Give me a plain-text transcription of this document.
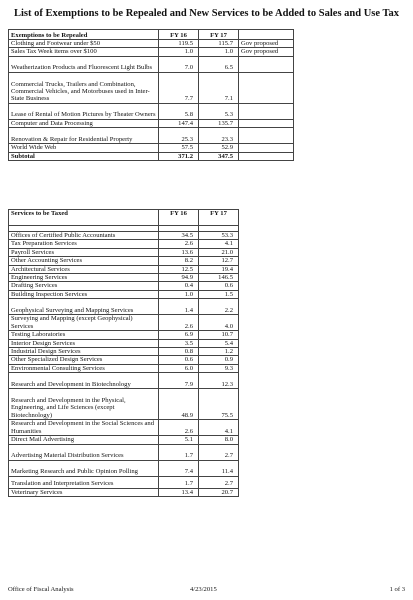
List of Exemptions to be Repealed and New Services to be Added to Sales and Use Tax
Exemptions to be Repealed	FY 16	FY 17	
Clothing and Footwear under $50	119.5	115.7	Gov proposed
Sales Tax Week items over $100	1.0	1.0	Gov proposed
Weatherization Products and Fluorescent Light Bulbs	7.0	6.5	
Commercial Trucks, Trailers and Combination, Commercial Vehicles, and Motorbuses used in Inter-State Business	7.7	7.1	
Lease of Rental of Motion Pictures by Theater Owners	5.8	5.3	
Computer and Data Processing	147.4	135.7	
Renovation & Repair for Residential Property	25.3	23.3	
World Wide Web	57.5	52.9	
Subtotal	371.2	347.5	
Services to be Taxed	FY 16	FY 17

Offices of Certified Public Accountants	34.5	53.3
Tax Preparation Services	2.6	4.1
Payroll Services	13.6	21.0
Other Accounting Services	8.2	12.7
Architectural Services	12.5	19.4
Engineering Services	94.9	146.5
Drafting Services	0.4	0.6
Building Inspection Services	1.0	1.5
Geophysical Surveying and Mapping Services	1.4	2.2
Surveying and Mapping (except Geophysical) Services	2.6	4.0
Testing Laboratories	6.9	10.7
Interior Design Services	3.5	5.4
Industrial Design Services	0.8	1.2
Other Specialized Design Services	0.6	0.9
Environmental Consulting Services	6.0	9.3
Research and Development in Biotechnology	7.9	12.3
Research and Development in the Physical, Engineering, and Life Sciences (except Biotechnology)	48.9	75.5
Research and Development in the Social Sciences and Humanities	2.6	4.1
Direct Mail Advertising	5.1	8.0
Advertising Material Distribution Services	1.7	2.7
Marketing Research and Public Opinion Polling	7.4	11.4
Translation and Interpretation Services	1.7	2.7
Veterinary Services	13.4	20.7
Office of Fiscal Analysis	4/23/2015	1 of 3
